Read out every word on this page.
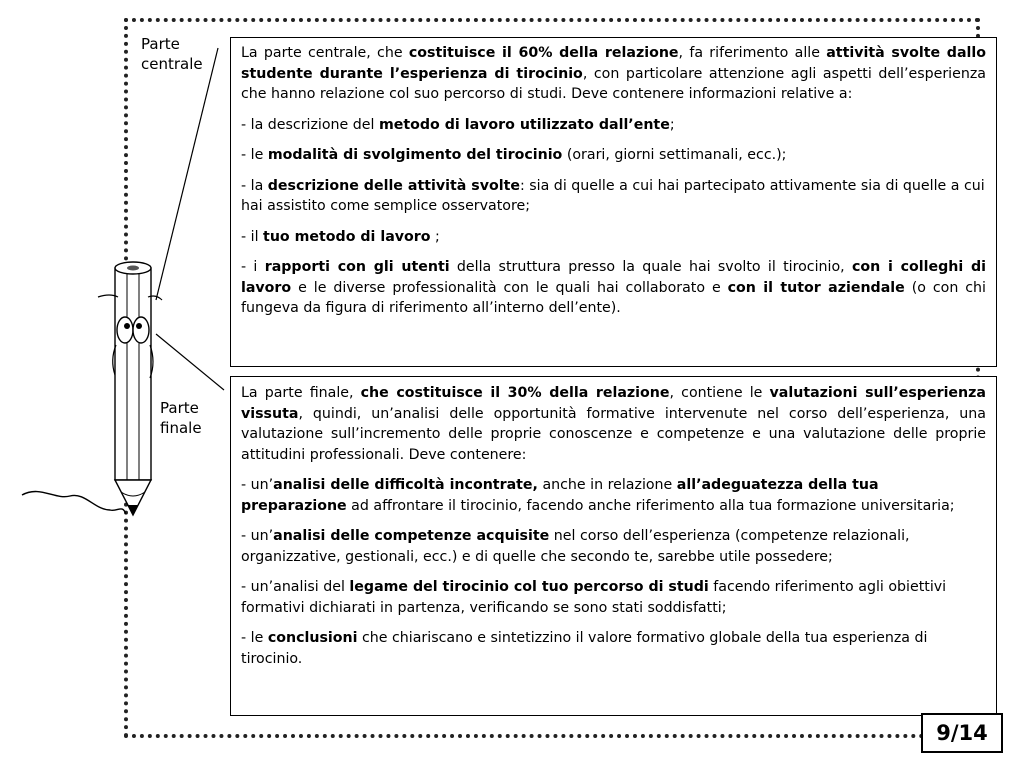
Parte
centrale
Parte
finale

La parte centrale, che costituisce il 60% della relazione, fa riferimento alle attività svolte dallo studente durante l’esperienza di tirocinio, con particolare attenzione agli aspetti dell’esperienza che hanno relazione col suo percorso di studi. Deve contenere informazioni relative a:

- la descrizione del metodo di lavoro utilizzato dall’ente;

- le modalità di svolgimento del tirocinio (orari, giorni settimanali, ecc.);

- la descrizione delle attività svolte: sia di quelle a cui hai partecipato attivamente sia di quelle a cui hai assistito come semplice osservatore;

- il tuo metodo di lavoro ;

- i rapporti con gli utenti della struttura presso la quale hai svolto il tirocinio, con i colleghi di lavoro e le diverse professionalità con le quali hai collaborato e con il tutor aziendale (o con chi fungeva da figura di riferimento all’interno dell’ente).

La parte finale, che costituisce il 30% della relazione, contiene le valutazioni sull’esperienza vissuta, quindi, un’analisi delle opportunità formative intervenute nel corso dell’esperienza, una valutazione sull’incremento delle proprie conoscenze e competenze e una valutazione delle proprie attitudini professionali. Deve contenere:

- un’analisi delle difficoltà incontrate, anche in relazione all’adeguatezza della tua preparazione ad affrontare il tirocinio, facendo anche riferimento alla tua formazione universitaria;

- un’analisi delle competenze acquisite nel corso dell’esperienza (competenze relazionali, organizzative, gestionali, ecc.) e di quelle che secondo te, sarebbe utile possedere;

- un’analisi del legame del tirocinio col tuo percorso di studi facendo riferimento agli obiettivi formativi dichiarati in partenza, verificando se sono stati soddisfatti;

- le conclusioni che chiariscano e sintetizzino il valore formativo globale della tua esperienza di tirocinio.

9/14
